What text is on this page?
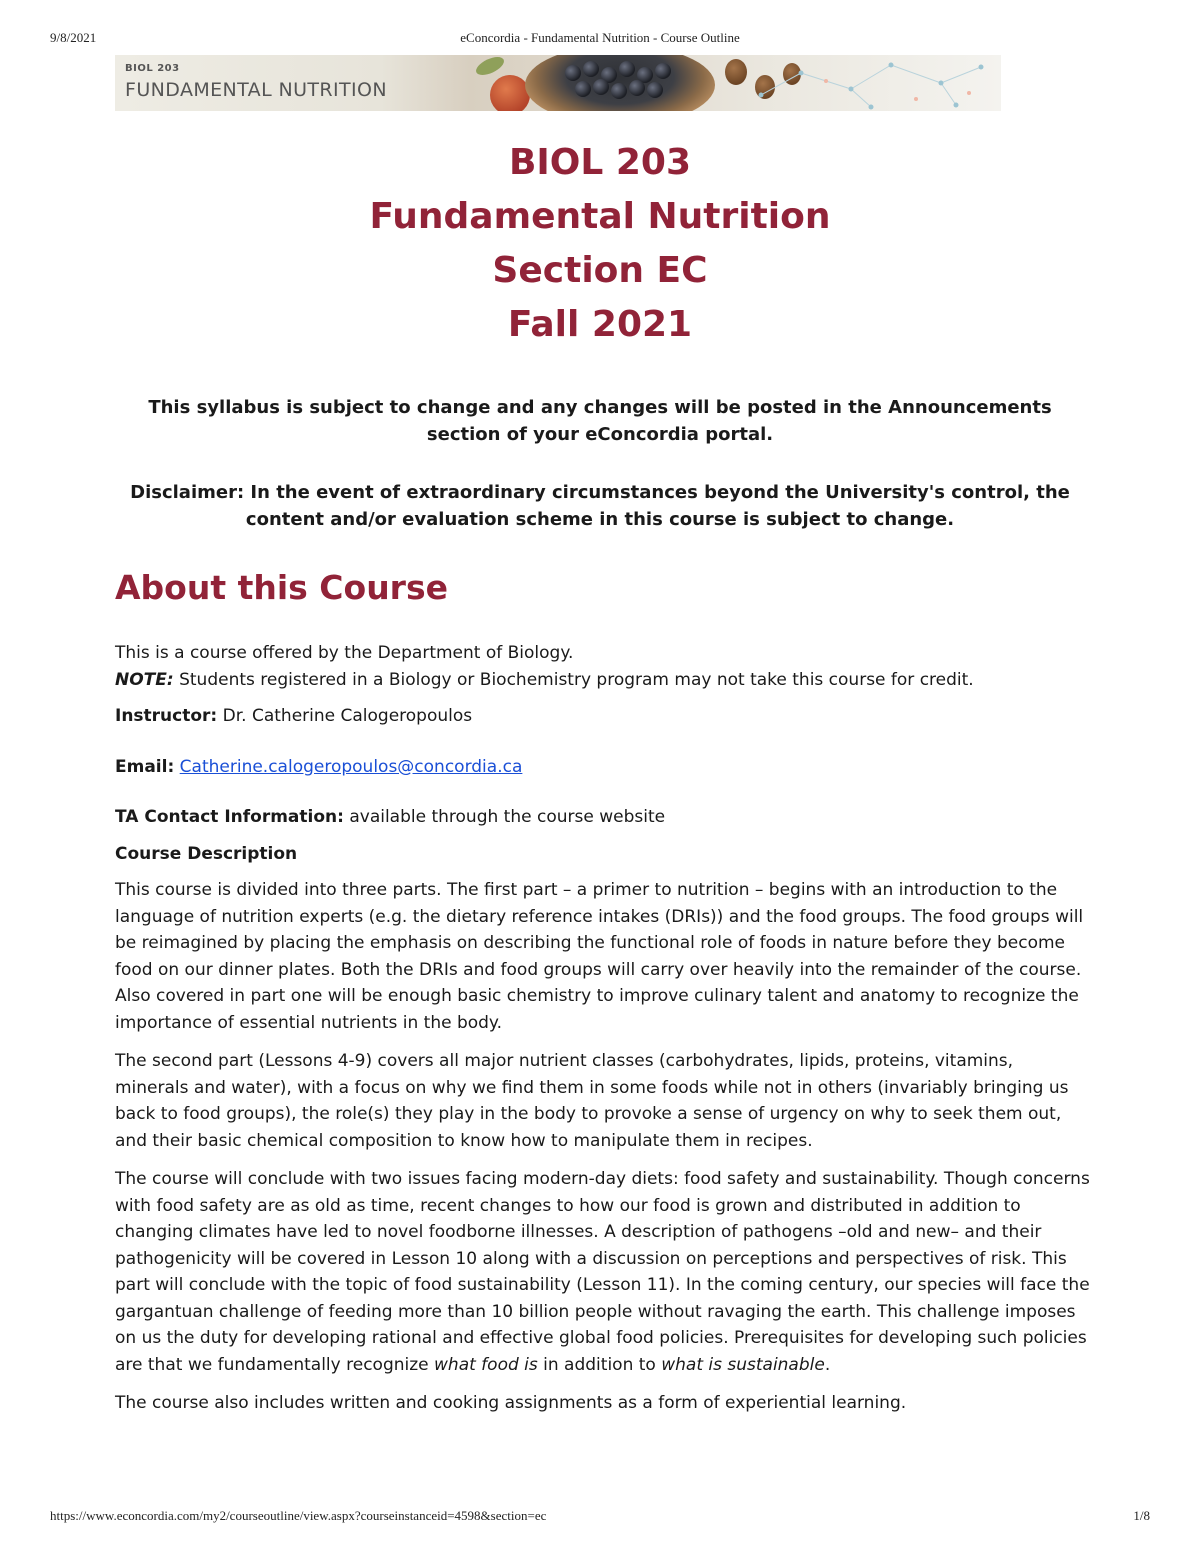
9/8/2021	eConcordia - Fundamental Nutrition - Course Outline
BIOL 203
FUNDAMENTAL NUTRITION
BIOL 203
Fundamental Nutrition
Section EC
Fall 2021
This syllabus is subject to change and any changes will be posted in the Announcements section of your eConcordia portal.
Disclaimer: In the event of extraordinary circumstances beyond the University's control, the content and/or evaluation scheme in this course is subject to change.
About this Course

This is a course offered by the Department of Biology.

NOTE: Students registered in a Biology or Biochemistry program may not take this course for credit.

Instructor: Dr. Catherine Calogeropoulos

Email: Catherine.calogeropoulos@concordia.ca

TA Contact Information: available through the course website

Course Description

This course is divided into three parts. The first part – a primer to nutrition – begins with an introduction to the language of nutrition experts (e.g. the dietary reference intakes (DRIs)) and the food groups. The food groups will be reimagined by placing the emphasis on describing the functional role of foods in nature before they become food on our dinner plates. Both the DRIs and food groups will carry over heavily into the remainder of the course. Also covered in part one will be enough basic chemistry to improve culinary talent and anatomy to recognize the importance of essential nutrients in the body.

The second part (Lessons 4-9) covers all major nutrient classes (carbohydrates, lipids, proteins, vitamins, minerals and water), with a focus on why we find them in some foods while not in others (invariably bringing us back to food groups), the role(s) they play in the body to provoke a sense of urgency on why to seek them out, and their basic chemical composition to know how to manipulate them in recipes.

The course will conclude with two issues facing modern-day diets: food safety and sustainability. Though concerns with food safety are as old as time, recent changes to how our food is grown and distributed in addition to changing climates have led to novel foodborne illnesses. A description of pathogens –old and new– and their pathogenicity will be covered in Lesson 10 along with a discussion on perceptions and perspectives of risk. This part will conclude with the topic of food sustainability (Lesson 11). In the coming century, our species will face the gargantuan challenge of feeding more than 10 billion people without ravaging the earth. This challenge imposes on us the duty for developing rational and effective global food policies. Prerequisites for developing such policies are that we fundamentally recognize what food is in addition to what is sustainable.

The course also includes written and cooking assignments as a form of experiential learning.

https://www.econcordia.com/my2/courseoutline/view.aspx?courseinstanceid=4598&section=ec	1/8
